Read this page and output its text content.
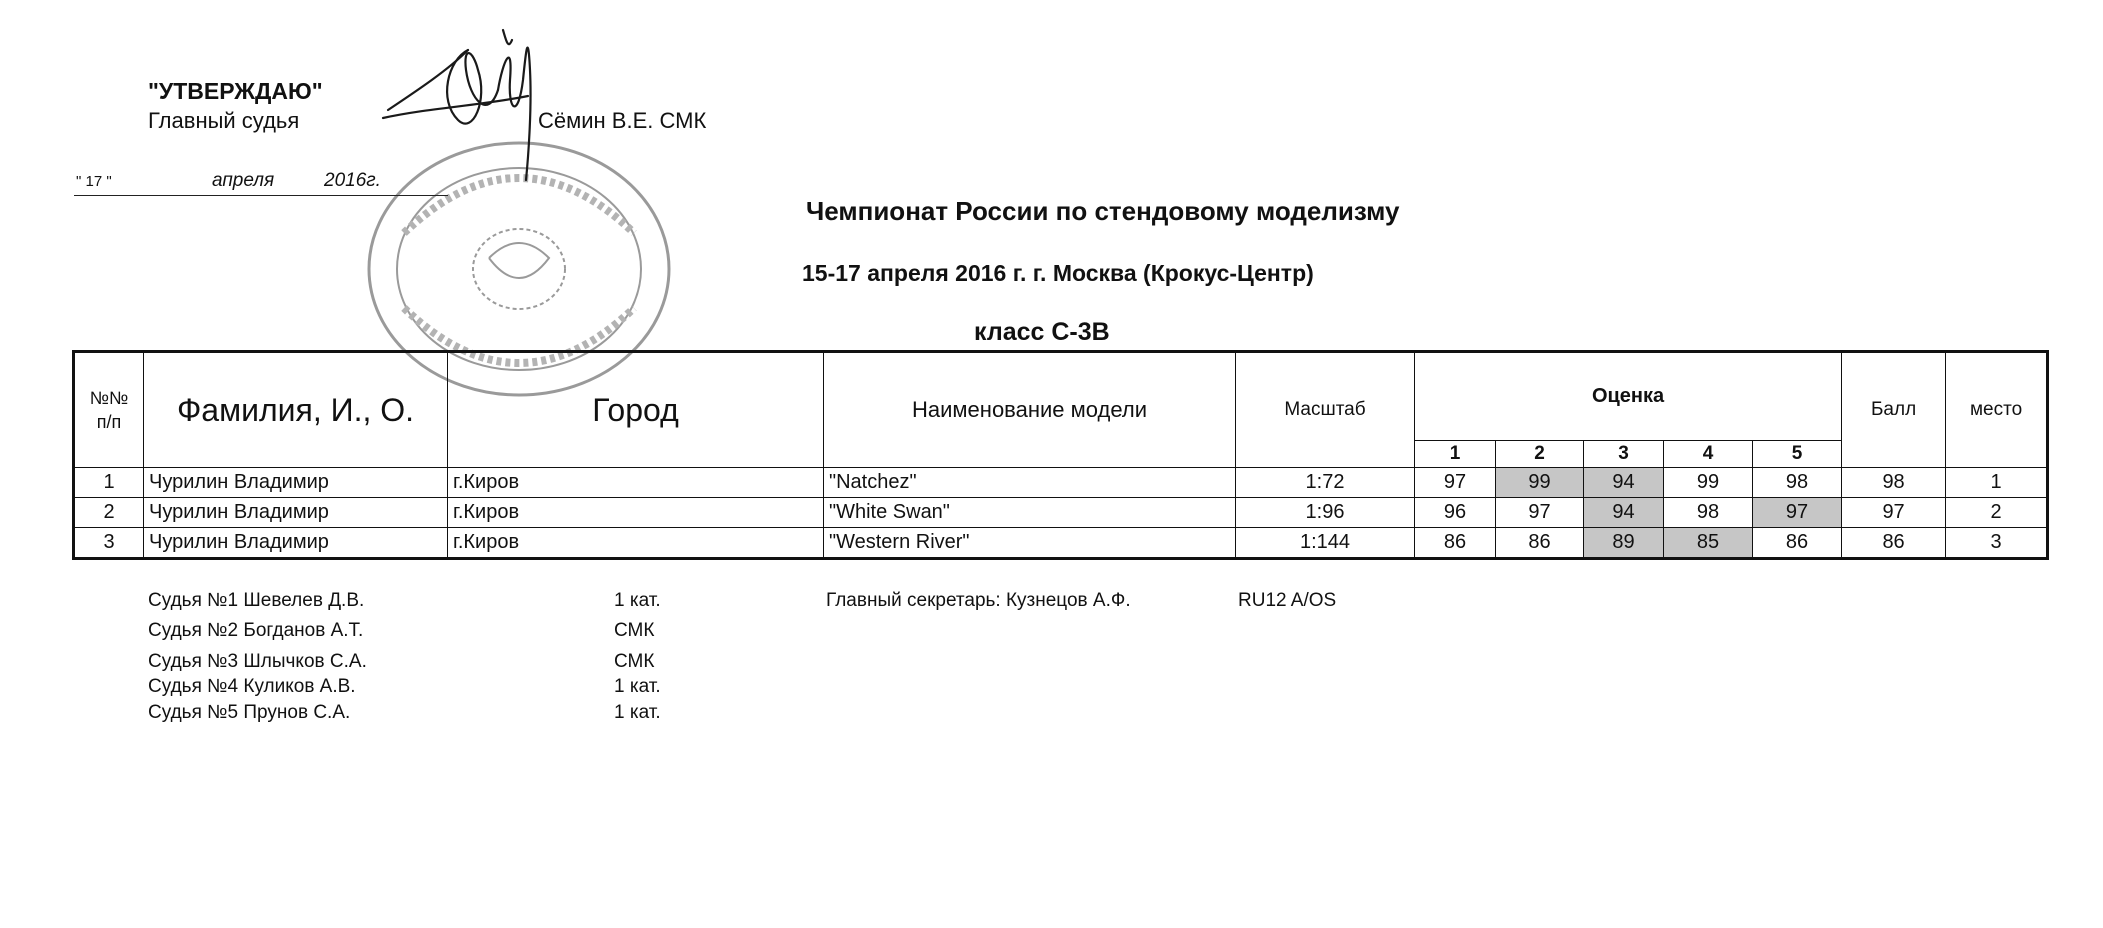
"УТВЕРЖДАЮ"
Главный судья	Сёмин В.Е. СМК
" 17 "	апреля	2016г.
Чемпионат России по стендовому моделизму
15-17 апреля 2016 г. г. Москва (Крокус-Центр)
класс С-3В
№№
п/п	Фамилия, И., О.	Город	Наименование модели	Масштаб	Оценка					Балл	место
					1	2	3	4	5		
1	Чурилин Владимир	г.Киров	"Natchez"	1:72	97	99	94	99	98	98	1
2	Чурилин Владимир	г.Киров	"White Swan"	1:96	96	97	94	98	97	97	2
3	Чурилин Владимир	г.Киров	"Western River"	1:144	86	86	89	85	86	86	3
Судья №1 Шевелев Д.В.	1 кат.
Судья №2 Богданов А.Т.	СМК
Судья №3 Шлычков С.А.	СМК
Судья №4 Куликов А.В.	1 кат.
Судья №5 Прунов С.А.	1 кат.
Главный секретарь: Кузнецов А.Ф.	RU12 A/OS
